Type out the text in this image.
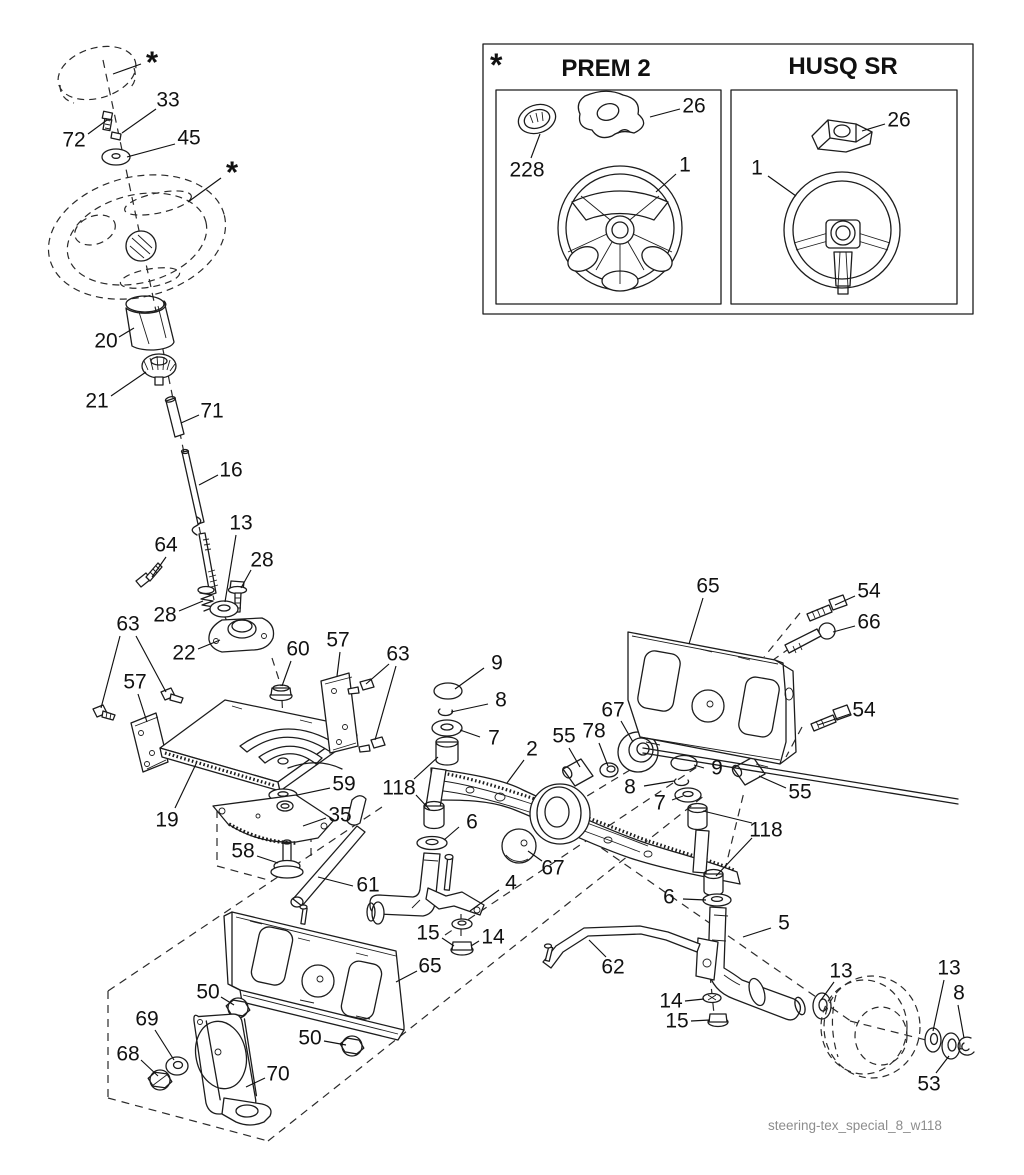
* PREM 2	HUSQ SR
*
33
72	45
*
20
21	71
16
64
13
28
28
22	60
57
63
57
63
19
59
35
58
61
2
9
8
7
118
6
4
67
15 14
55 78
67
9
8
7	55
118
6
5
65	54
66
54
62
14
15
13	13
8
53
65
50
50
69
68
70
26
228	1
26
1
steering-tex_special_8_w118
